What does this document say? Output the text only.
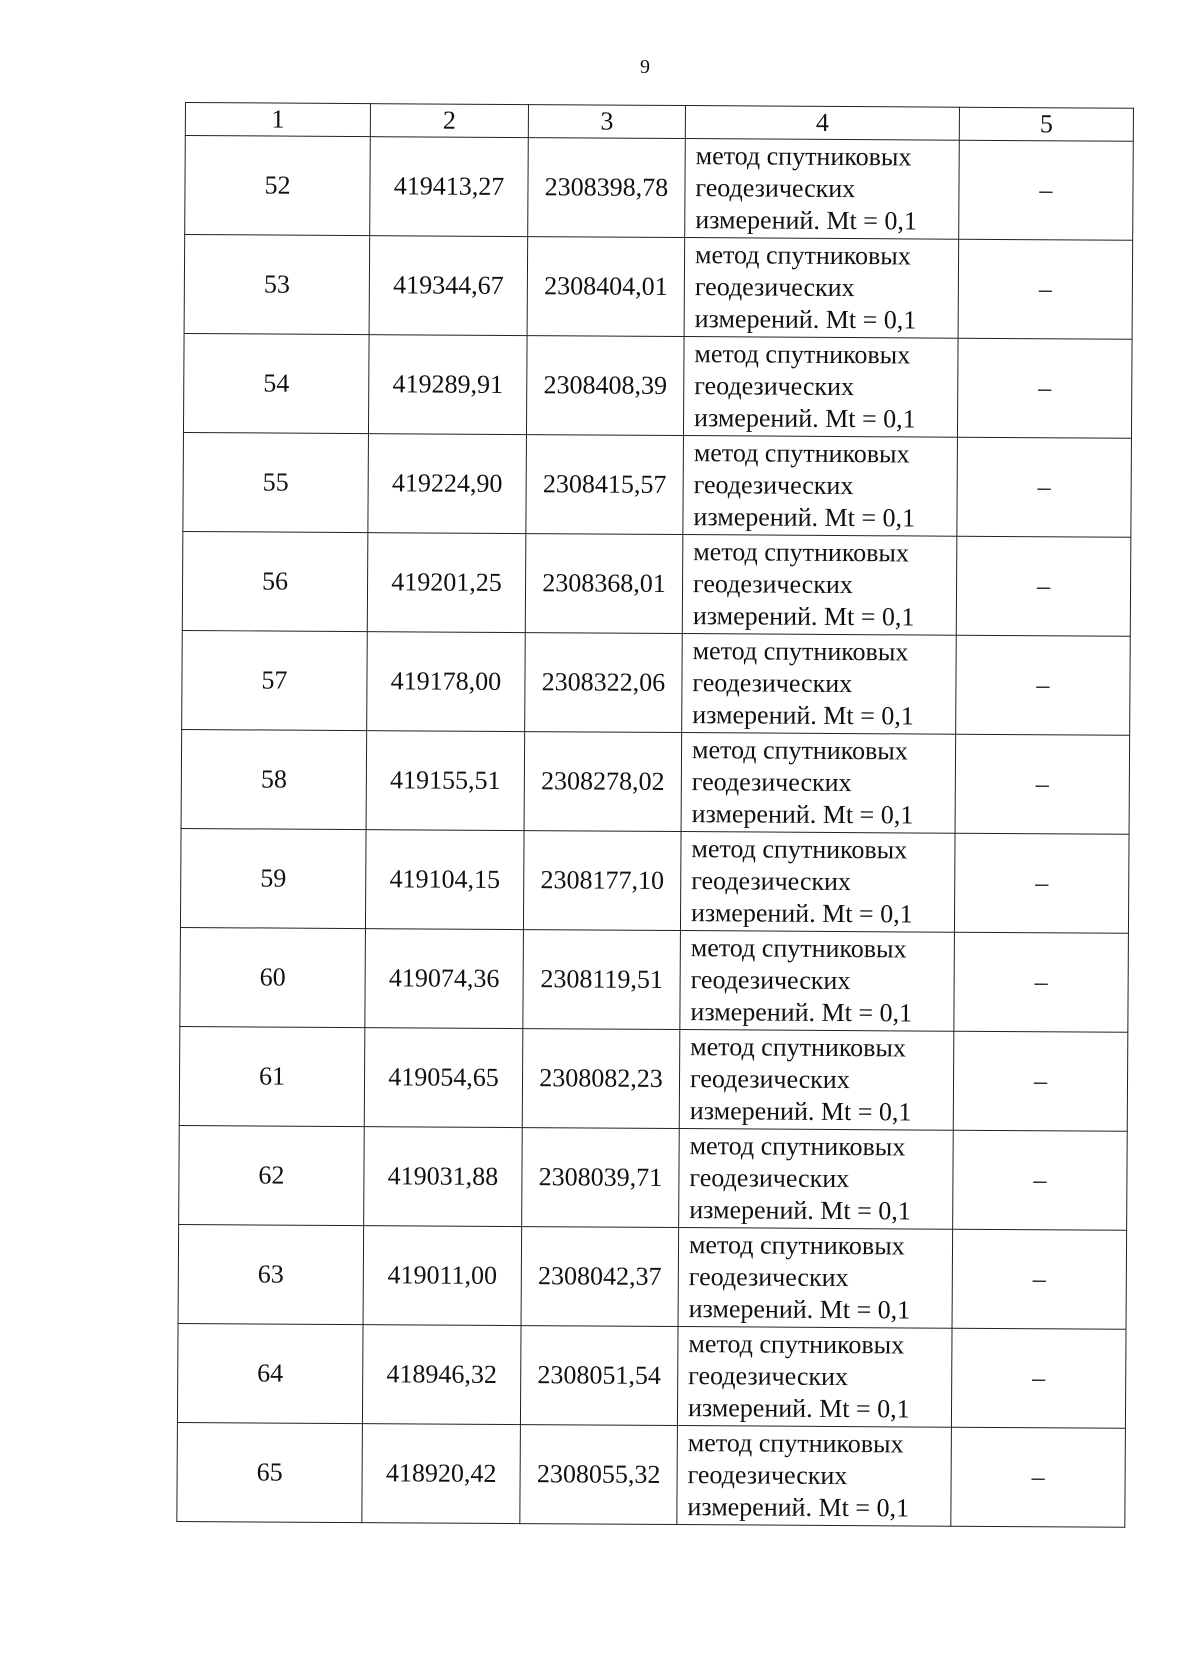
9
1	2	3	4	5
52	419413,27	2308398,78	метод спутниковых
геодезических
измерений. Mt = 0,1	–
53	419344,67	2308404,01	метод спутниковых
геодезических
измерений. Mt = 0,1	–
54	419289,91	2308408,39	метод спутниковых
геодезических
измерений. Mt = 0,1	–
55	419224,90	2308415,57	метод спутниковых
геодезических
измерений. Mt = 0,1	–
56	419201,25	2308368,01	метод спутниковых
геодезических
измерений. Mt = 0,1	–
57	419178,00	2308322,06	метод спутниковых
геодезических
измерений. Mt = 0,1	–
58	419155,51	2308278,02	метод спутниковых
геодезических
измерений. Mt = 0,1	–
59	419104,15	2308177,10	метод спутниковых
геодезических
измерений. Mt = 0,1	–
60	419074,36	2308119,51	метод спутниковых
геодезических
измерений. Mt = 0,1	–
61	419054,65	2308082,23	метод спутниковых
геодезических
измерений. Mt = 0,1	–
62	419031,88	2308039,71	метод спутниковых
геодезических
измерений. Mt = 0,1	–
63	419011,00	2308042,37	метод спутниковых
геодезических
измерений. Mt = 0,1	–
64	418946,32	2308051,54	метод спутниковых
геодезических
измерений. Mt = 0,1	–
65	418920,42	2308055,32	метод спутниковых
геодезических
измерений. Mt = 0,1	–
